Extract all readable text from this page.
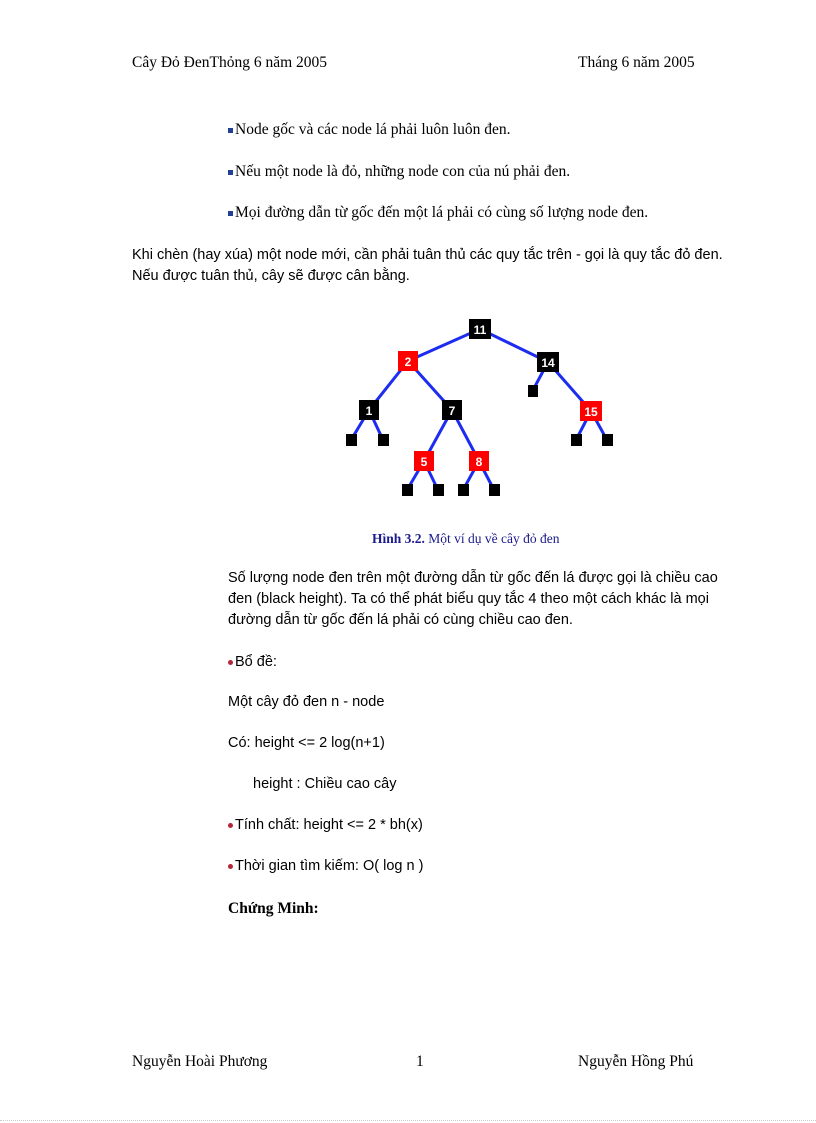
Cây Đỏ ĐenThỏng 6 năm 2005	Tháng 6 năm 2005
Node gốc và các node lá phải luôn luôn đen.
Nếu một node là đỏ, những node con của nú phải đen.
Mọi đường dẫn từ gốc đến một lá phải có cùng số lượng node đen.
Khi chèn (hay xúa) một node mới, cần phải tuân thủ các quy tắc trên - gọi là quy tắc đỏ đen. Nếu được tuân thủ, cây sẽ được cân bằng.
11
2	14
1	7	15
5	8
Hình 3.2. Một ví dụ về cây đỏ đen
Số lượng node đen trên một đường dẫn từ gốc đến lá được gọi là chiều cao đen (black height). Ta có thể phát biểu quy tắc 4 theo một cách khác là mọi đường dẫn từ gốc đến lá phải có cùng chiều cao đen.
Bổ đề:
Một cây đỏ đen n - node
Có: height <= 2 log(n+1)
height : Chiều cao cây
Tính chất: height <= 2 * bh(x)
Thời gian tìm kiếm: O( log n )
Chứng Minh:
Nguyễn Hoài Phương	1	Nguyễn Hồng Phú
